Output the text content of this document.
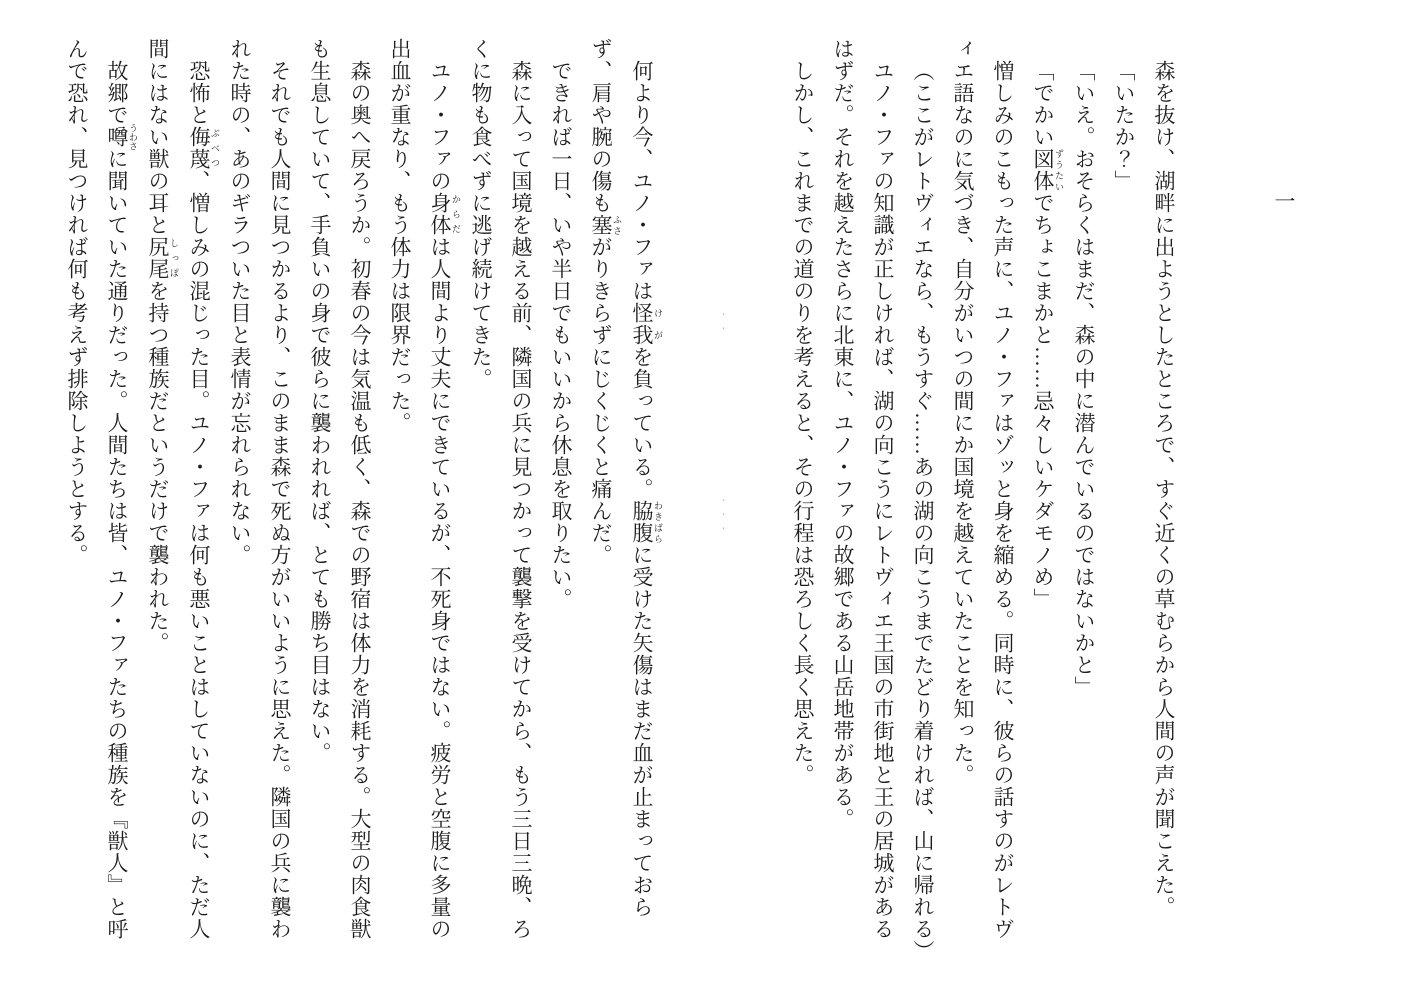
一

森を抜け、湖畔に出ようとしたところで、すぐ近くの草むらから人間の声が聞こえた。
「いたか？」
「いえ。おそらくはまだ、森の中に潜んでいるのではないかと」
「でかい図体 ずうたいでちょこまかと……忌々しいケダモノめ」
憎しみのこもった声に、ユノ・ファはゾッと身を縮める。同時に、彼らの話すのがレトヴ
ィエ語なのに気づき、自分がいつの間にか国境を越えていたことを知った。
（ここがレトヴィエなら、もうすぐ……あの湖の向こうまでたどり着ければ、山に帰れる）
ユノ・ファの知識が正しければ、湖の向こうにレトヴィエ王国の市街地と王の居城がある
はずだ。それを越えたさらに北東に、ユノ・ファの故郷である山岳地帯がある。
しかし、これまでの道のりを考えると、その行程は恐ろしく長く思えた。

・・・・・

何より今、ユノ・ファは怪我 けがを負っている。脇腹 わきばらに受けた矢傷はまだ血が止まっておら
ず、肩や腕の傷も塞 ふさがりきらずにじくじくと痛んだ。
できれば一日、いや半日でもいいから休息を取りたい。
森に入って国境を越える前、隣国の兵に見つかって襲撃を受けてから、もう三日三晩、ろ
くに物も食べずに逃げ続けてきた。
ユノ・ファの身体 からだは人間より丈夫にできているが、不死身ではない。疲労と空腹に多量の
出血が重なり、もう体力は限界だった。
森の奥へ戻ろうか。初春の今は気温も低く、森での野宿は体力を消耗する。大型の肉食獣
も生息していて、手負いの身で彼らに襲われれば、とても勝ち目はない。
それでも人間に見つかるより、このまま森で死ぬ方がいいように思えた。隣国の兵に襲わ
れた時の、あのギラついた目と表情が忘れられない。
恐怖と侮蔑 ぶべつ、憎しみの混じった目。ユノ・ファは何も悪いことはしていないのに、ただ人
間にはない獣の耳と尻尾 しっぽを持つ種族だというだけで襲われた。
故郷で噂 うわさに聞いていた通りだった。人間たちは皆、ユノ・ファたちの種族を『獣人』と呼
んで恐れ、見つければ何も考えず排除しようとする。
